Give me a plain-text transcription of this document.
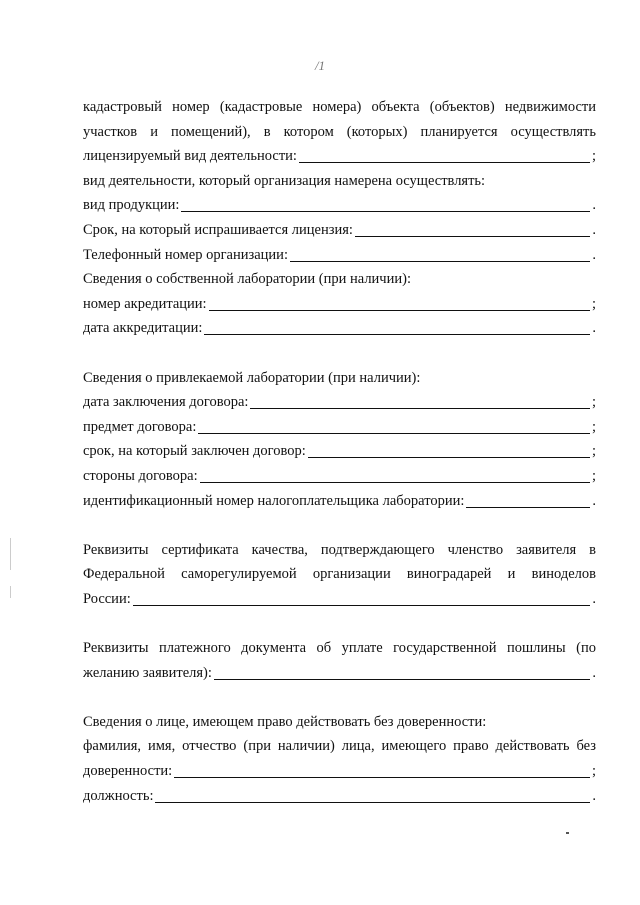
/1
кадастровый номер (кадастровые номера) объекта (объектов) недвижимости
участков и помещений), в котором (которых) планируется осуществлять
лицензируемый вид деятельности:	;
вид деятельности, который организация намерена осуществлять:
вид продукции:	.
Срок, на который испрашивается лицензия:	.
Телефонный номер организации:	.
Сведения о собственной лаборатории (при наличии):
номер акредитации:	;
дата аккредитации:	.
Сведения о привлекаемой лаборатории (при наличии):
дата заключения договора:	;
предмет договора:	;
срок, на который заключен договор:	;
стороны договора:	;
идентификационный номер налогоплательщика лаборатории:	.
Реквизиты сертификата качества, подтверждающего членство заявителя в
Федеральной саморегулируемой организации виноградарей и виноделов
России:	.
Реквизиты платежного документа об уплате государственной пошлины (по
желанию заявителя):	.
Сведения о лице, имеющем право действовать без доверенности:
фамилия, имя, отчество (при наличии) лица, имеющего право действовать без
доверенности:	;
должность:	.
